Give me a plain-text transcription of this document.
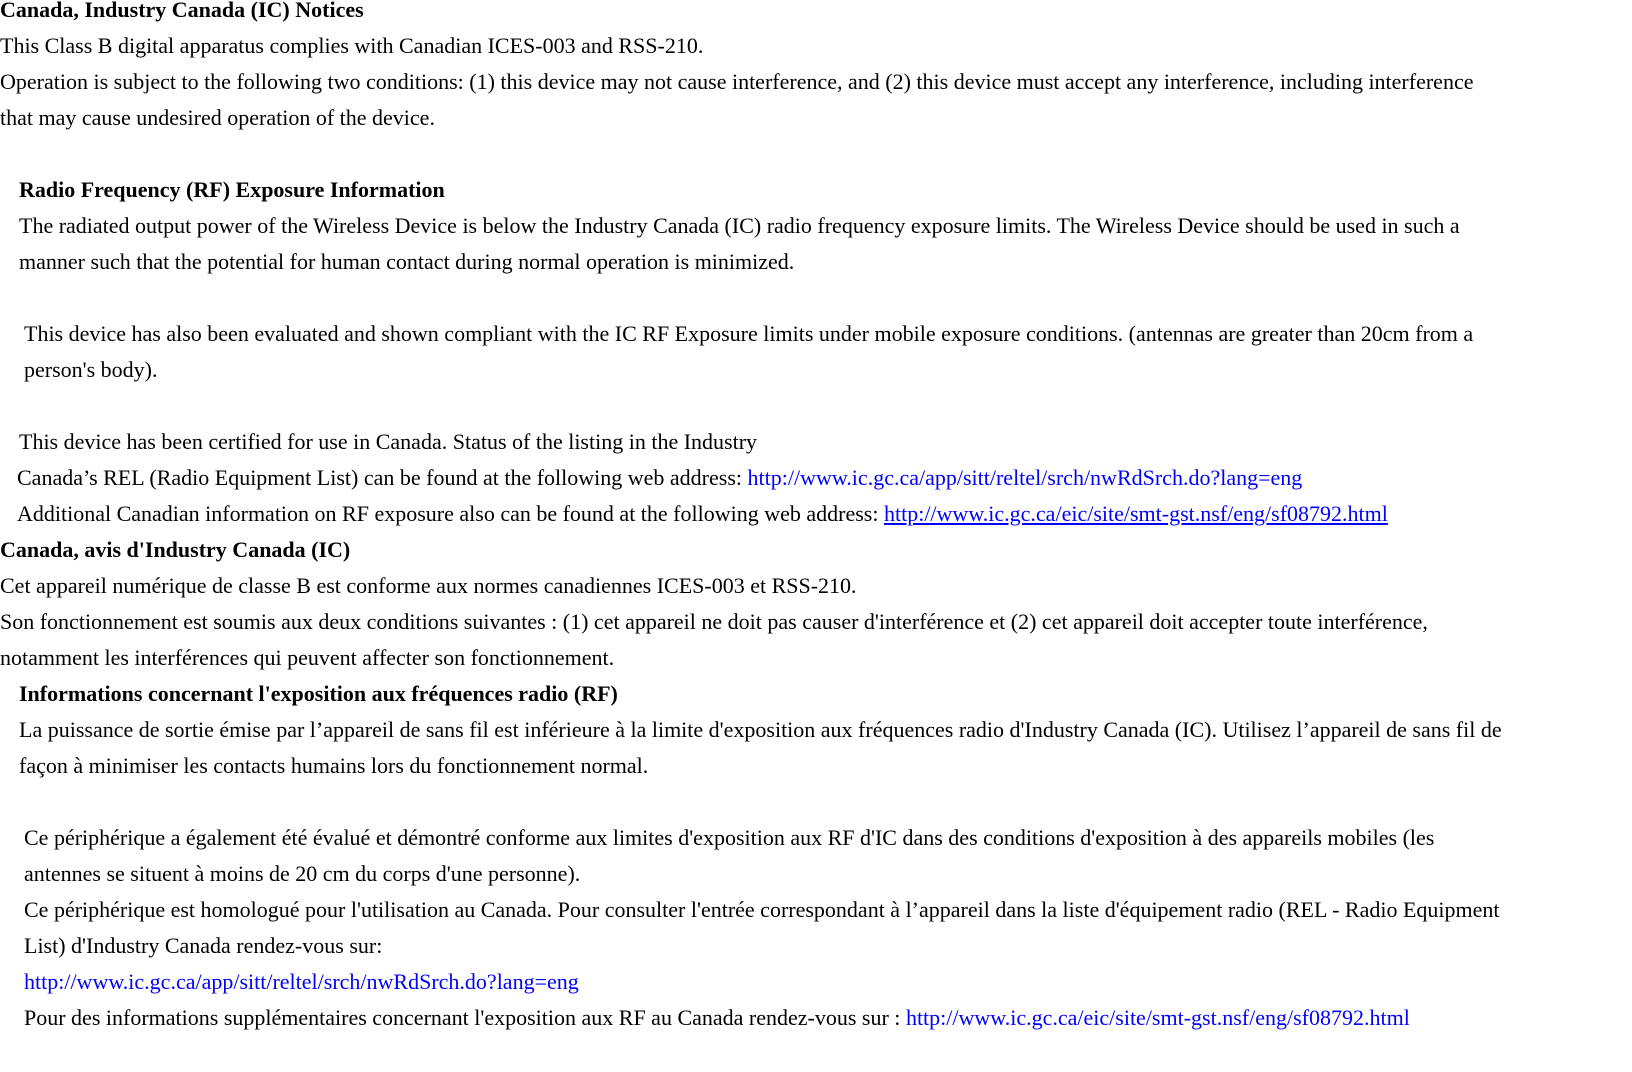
Canada, Industry Canada (IC) Notices
This Class B digital apparatus complies with Canadian ICES-003 and RSS-210.
Operation is subject to the following two conditions: (1) this device may not cause interference, and (2) this device must accept any interference, including interference
that may cause undesired operation of the device.
Radio Frequency (RF) Exposure Information
The radiated output power of the Wireless Device is below the Industry Canada (IC) radio frequency exposure limits. The Wireless Device should be used in such a
manner such that the potential for human contact during normal operation is minimized.
This device has also been evaluated and shown compliant with the IC RF Exposure limits under mobile exposure conditions. (antennas are greater than 20cm from a
person's body).
This device has been certified for use in Canada. Status of the listing in the Industry
Canada’s REL (Radio Equipment List) can be found at the following web address: http://www.ic.gc.ca/app/sitt/reltel/srch/nwRdSrch.do?lang=eng
Additional Canadian information on RF exposure also can be found at the following web address: http://www.ic.gc.ca/eic/site/smt-gst.nsf/eng/sf08792.html
Canada, avis d'Industry Canada (IC)
Cet appareil numérique de classe B est conforme aux normes canadiennes ICES-003 et RSS-210.
Son fonctionnement est soumis aux deux conditions suivantes : (1) cet appareil ne doit pas causer d'interférence et (2) cet appareil doit accepter toute interférence,
notamment les interférences qui peuvent affecter son fonctionnement.
Informations concernant l'exposition aux fréquences radio (RF)
La puissance de sortie émise par l’appareil de sans fil est inférieure à la limite d'exposition aux fréquences radio d'Industry Canada (IC). Utilisez l’appareil de sans fil de
façon à minimiser les contacts humains lors du fonctionnement normal.
Ce périphérique a également été évalué et démontré conforme aux limites d'exposition aux RF d'IC dans des conditions d'exposition à des appareils mobiles (les
antennes se situent à moins de 20 cm du corps d'une personne).
Ce périphérique est homologué pour l'utilisation au Canada. Pour consulter l'entrée correspondant à l’appareil dans la liste d'équipement radio (REL - Radio Equipment
List) d'Industry Canada rendez-vous sur:
http://www.ic.gc.ca/app/sitt/reltel/srch/nwRdSrch.do?lang=eng
Pour des informations supplémentaires concernant l'exposition aux RF au Canada rendez-vous sur : http://www.ic.gc.ca/eic/site/smt-gst.nsf/eng/sf08792.html
